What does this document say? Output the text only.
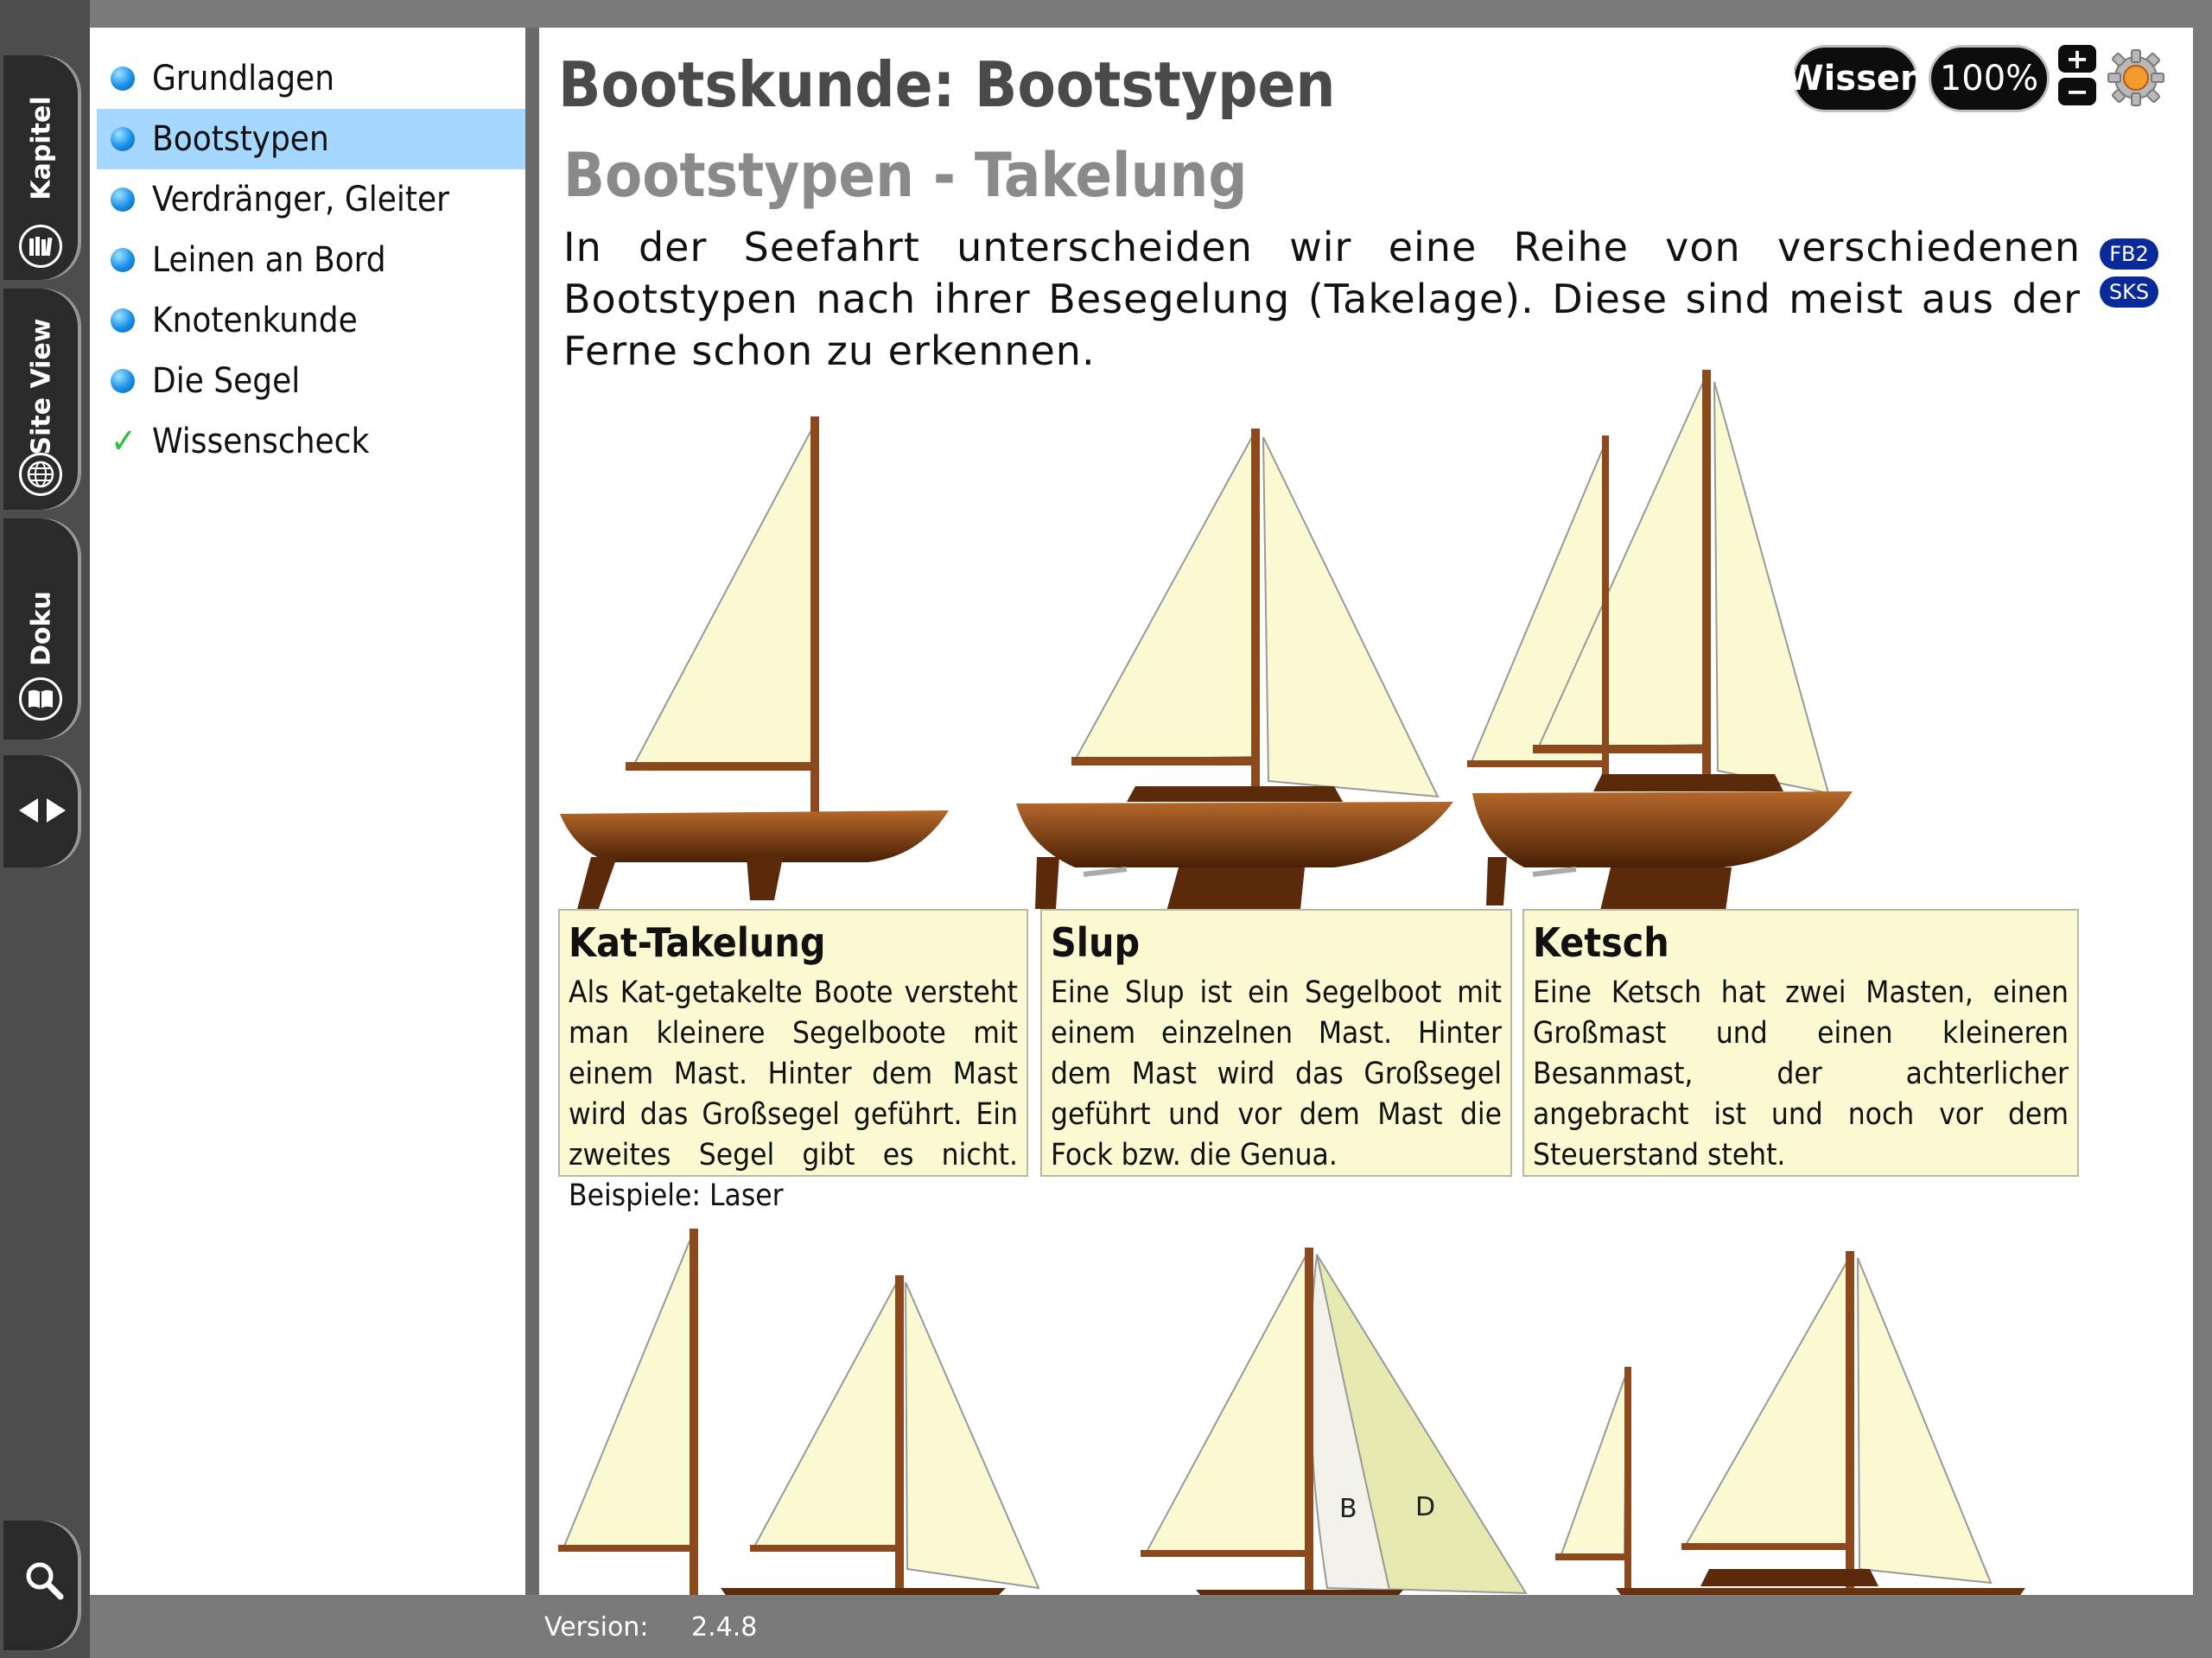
Kapitel
Site View
Doku
Grundlagen
Bootstypen
Verdränger, Gleiter
Leinen an Bord
Knotenkunde
Die Segel
✓ Wissenscheck
Bootskunde: Bootstypen	Wissen 100% +
−
Bootstypen - Takelung
In der Seefahrt unterscheiden wir eine Reihe von verschiedenen Bootstypen nach ihrer Besegelung (Takelage). Diese sind meist aus der Ferne schon zu erkennen.
FB2
SKS
Kat-Takelung

Als Kat-getakelte Boote versteht man kleinere Segelboote mit einem Mast. Hinter dem Mast wird das Großsegel geführt. Ein zweites Segel gibt es nicht. Beispiele: Laser

Slup

Eine Slup ist ein Segelboot mit einem einzelnen Mast. Hinter dem Mast wird das Großsegel geführt und vor dem Mast die Fock bzw. die Genua.

Ketsch

Eine Ketsch hat zwei Masten, einen Großmast und einen kleineren Besanmast, der achterlicher angebracht ist und noch vor dem Steuerstand steht.

B D
Version: 2.4.8
